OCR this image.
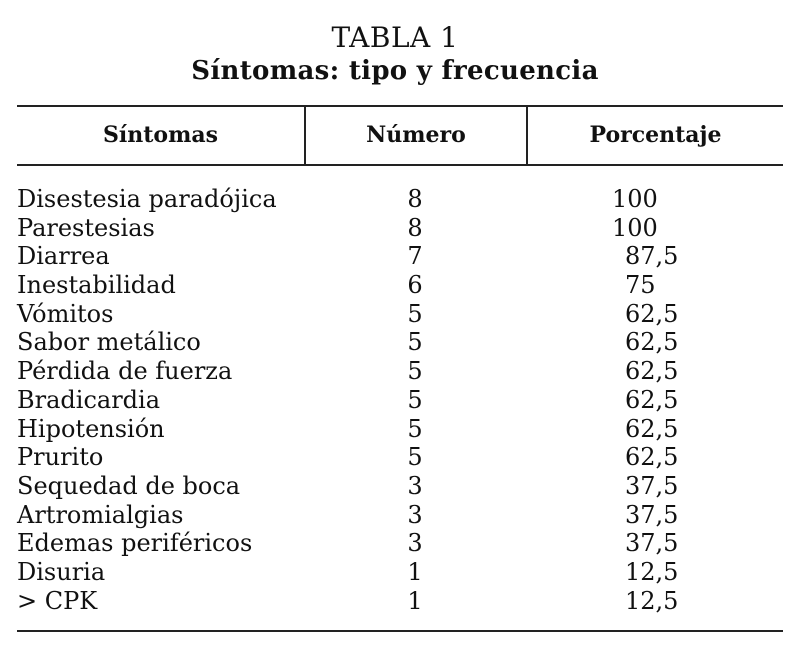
TABLA 1
Síntomas: tipo y frecuencia
Síntomas	Número	Porcentaje
Disestesia paradójica	8	100
Parestesias	8	100
Diarrea	7	87,5
Inestabilidad	6	75
Vómitos	5	62,5
Sabor metálico	5	62,5
Pérdida de fuerza	5	62,5
Bradicardia	5	62,5
Hipotensión	5	62,5
Prurito	5	62,5
Sequedad de boca	3	37,5
Artromialgias	3	37,5
Edemas periféricos	3	37,5
Disuria	1	12,5
> CPK	1	12,5
